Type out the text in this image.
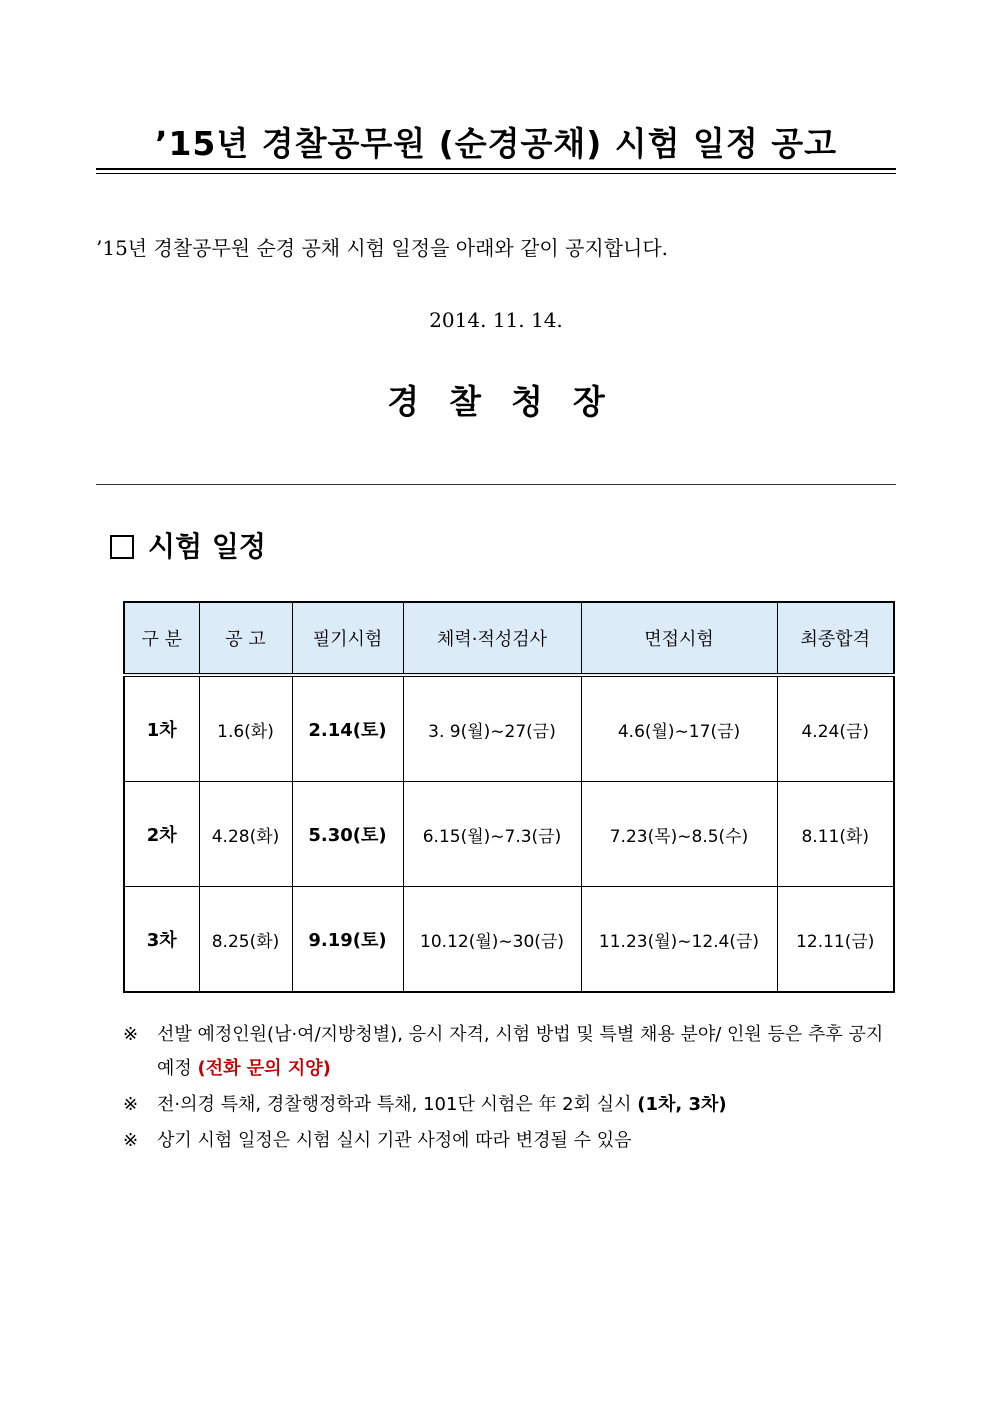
’15년 경찰공무원 (순경공채) 시험 일정 공고
’15년 경찰공무원 순경 공채 시험 일정을 아래와 같이 공지합니다.
2014. 11. 14.
경찰청장
시험 일정
구 분	공 고	필기시험	체력·적성검사	면접시험	최종합격
1차	1.6(화)	2.14(토)	3. 9(월)∼27(금)	4.6(월)∼17(금)	4.24(금)
2차	4.28(화)	5.30(토)	6.15(월)∼7.3(금)	7.23(목)∼8.5(수)	8.11(화)
3차	8.25(화)	9.19(토)	10.12(월)∼30(금)	11.23(월)∼12.4(금)	12.11(금)
※	선발 예정인원(남·여/지방청별), 응시 자격, 시험 방법 및 특별 채용 분야/ 인원 등은 추후 공지 예정 (전화 문의 지양)
※	전·의경 특채, 경찰행정학과 특채, 101단 시험은 年 2회 실시 (1차, 3차)
※	상기 시험 일정은 시험 실시 기관 사정에 따라 변경될 수 있음
